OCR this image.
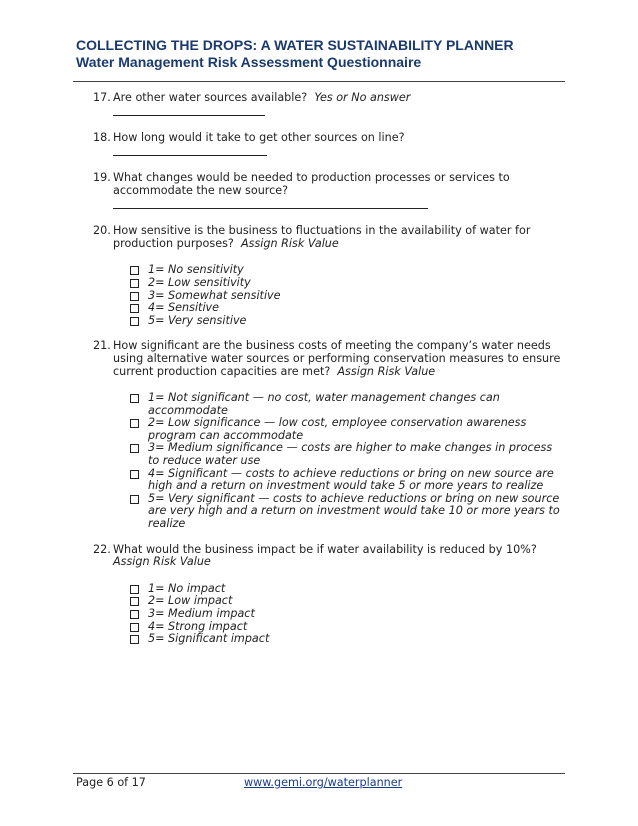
COLLECTING THE DROPS: A WATER SUSTAINABILITY PLANNER
Water Management Risk Assessment Questionnaire
17. Are other water sources available? Yes or No answer
18. How long would it take to get other sources on line?
19. What changes would be needed to production processes or services to accommodate the new source?
20. How sensitive is the business to fluctuations in the availability of water for production purposes? Assign Risk Value
1= No sensitivity
2= Low sensitivity
3= Somewhat sensitive
4= Sensitive
5= Very sensitive
21. How significant are the business costs of meeting the company’s water needs using alternative water sources or performing conservation measures to ensure current production capacities are met? Assign Risk Value
1= Not significant — no cost, water management changes can accommodate
2= Low significance — low cost, employee conservation awareness program can accommodate
3= Medium significance — costs are higher to make changes in process to reduce water use
4= Significant — costs to achieve reductions or bring on new source are high and a return on investment would take 5 or more years to realize
5= Very significant — costs to achieve reductions or bring on new source are very high and a return on investment would take 10 or more years to realize
22. What would the business impact be if water availability is reduced by 10%?  Assign Risk Value
1= No impact
2= Low impact
3= Medium impact
4= Strong impact
5= Significant impact
Page 6 of 17	www.gemi.org/waterplanner
